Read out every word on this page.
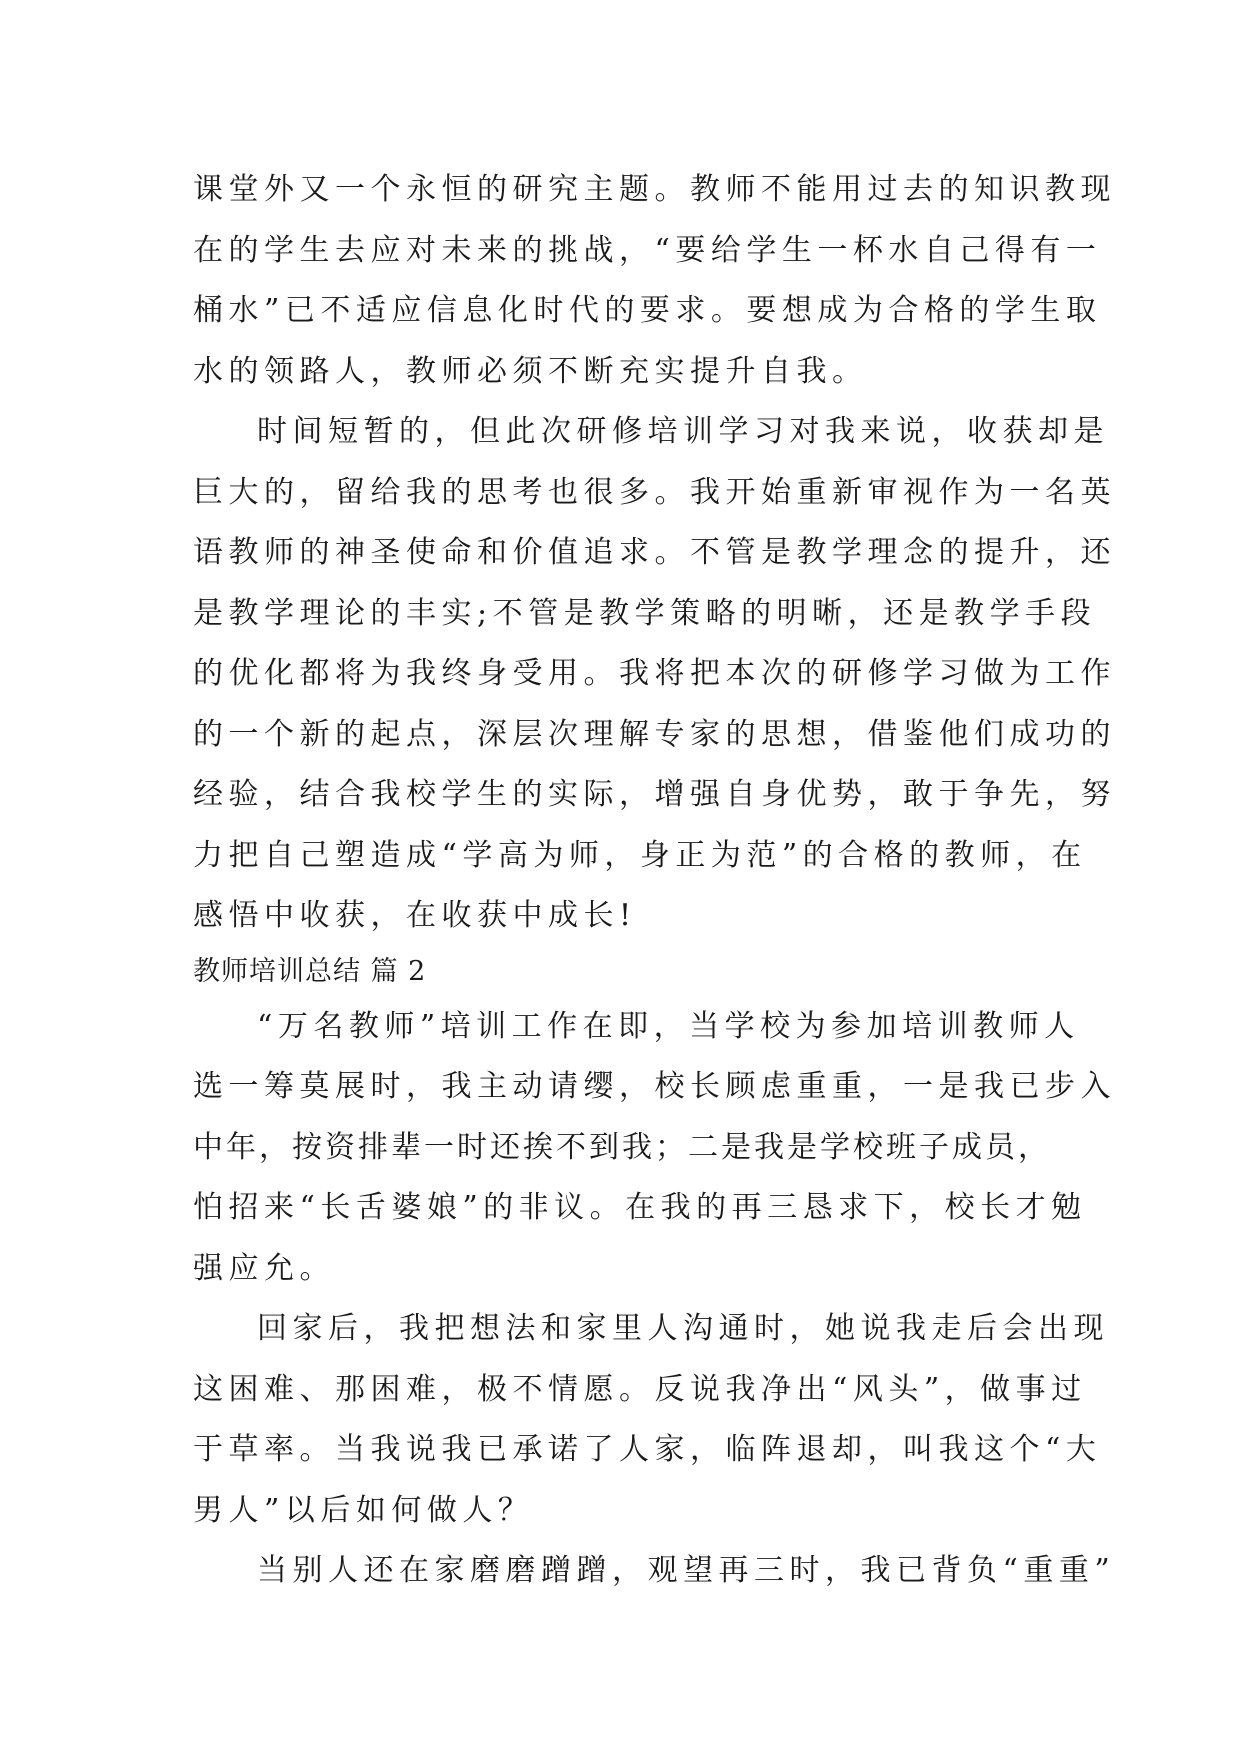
课堂外又一个永恒的研究主题。教师不能用过去的知识教现
在的学生去应对未来的挑战，“要给学生一杯水自己得有一
桶水”已不适应信息化时代的要求。要想成为合格的学生取
水的领路人，教师必须不断充实提升自我。
时间短暂的，但此次研修培训学习对我来说，收获却是
巨大的，留给我的思考也很多。我开始重新审视作为一名英
语教师的神圣使命和价值追求。不管是教学理念的提升，还
是教学理论的丰实;不管是教学策略的明晰，还是教学手段
的优化都将为我终身受用。我将把本次的研修学习做为工作
的一个新的起点，深层次理解专家的思想，借鉴他们成功的
经验，结合我校学生的实际，增强自身优势，敢于争先，努
力把自己塑造成“学高为师，身正为范”的合格的教师，在
感悟中收获，在收获中成长!
教师培训总结 篇 2
“万名教师”培训工作在即，当学校为参加培训教师人
选一筹莫展时，我主动请缨，校长顾虑重重，一是我已步入
中年，按资排辈一时还挨不到我；二是我是学校班子成员，
怕招来“长舌婆娘”的非议。在我的再三恳求下，校长才勉
强应允。
回家后，我把想法和家里人沟通时，她说我走后会出现
这困难、那困难，极不情愿。反说我净出“风头”，做事过
于草率。当我说我已承诺了人家，临阵退却，叫我这个“大
男人”以后如何做人？
当别人还在家磨磨蹭蹭，观望再三时，我已背负“重重”
